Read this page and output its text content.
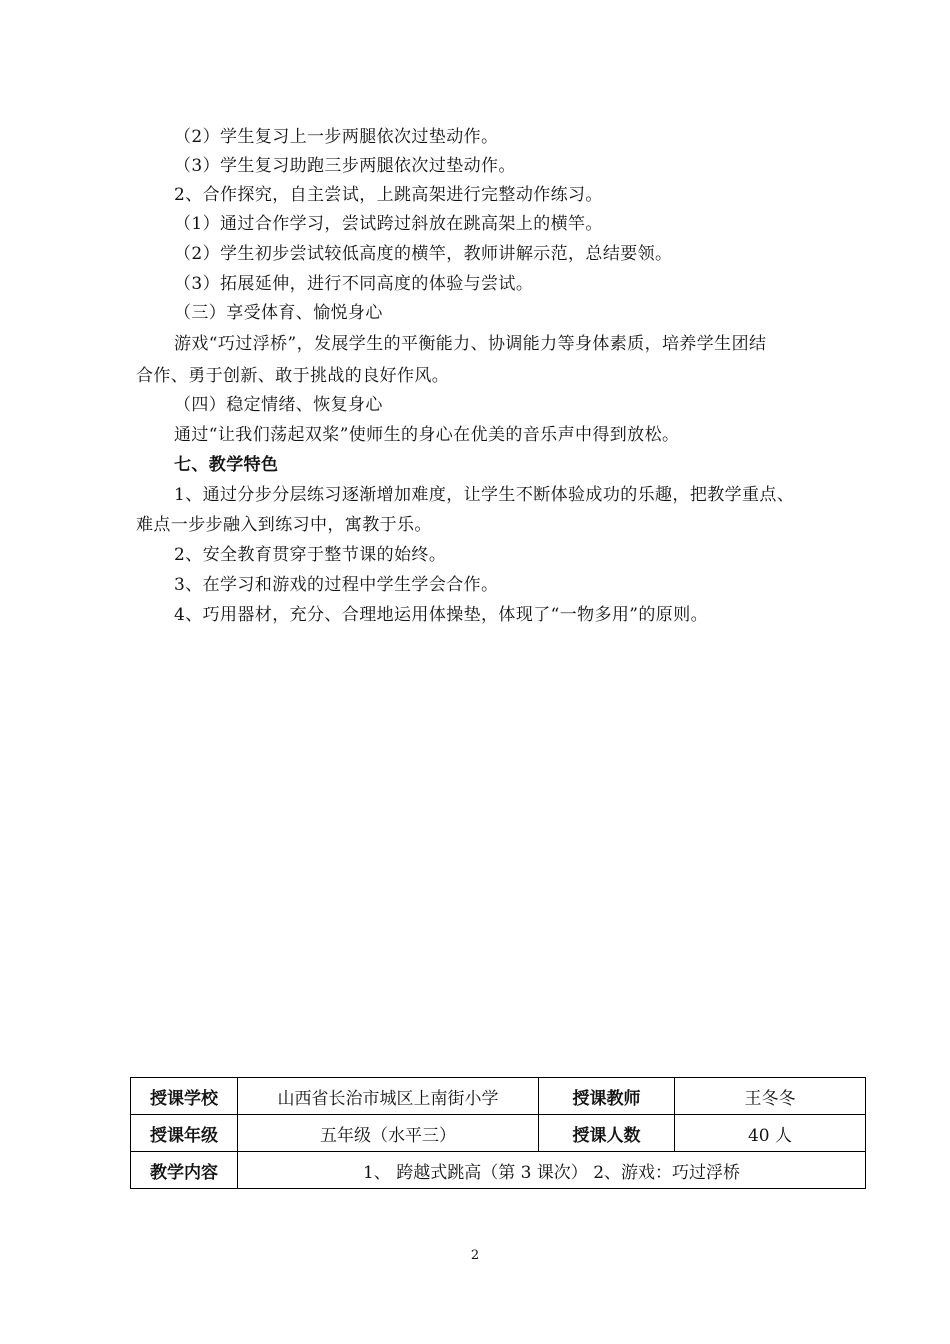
（2）学生复习上一步两腿依次过垫动作。
（3）学生复习助跑三步两腿依次过垫动作。
2、合作探究，自主尝试，上跳高架进行完整动作练习。
（1）通过合作学习，尝试跨过斜放在跳高架上的横竿。
（2）学生初步尝试较低高度的横竿，教师讲解示范，总结要领。
（3）拓展延伸，进行不同高度的体验与尝试。
（三）享受体育、愉悦身心
游戏“巧过浮桥”，发展学生的平衡能力、协调能力等身体素质，培养学生团结
合作、勇于创新、敢于挑战的良好作风。
（四）稳定情绪、恢复身心
通过“让我们荡起双桨”使师生的身心在优美的音乐声中得到放松。
七、教学特色
1、通过分步分层练习逐渐增加难度，让学生不断体验成功的乐趣，把教学重点、
难点一步步融入到练习中，寓教于乐。
2、安全教育贯穿于整节课的始终。
3、在学习和游戏的过程中学生学会合作。
4、巧用器材，充分、合理地运用体操垫，体现了“一物多用”的原则。
授课学校	山西省长治市城区上南街小学	授课教师	王冬冬
授课年级	五年级（水平三）	授课人数	40 人
教学内容	1、 跨越式跳高（第 3 课次） 2、游戏：巧过浮桥		
2
